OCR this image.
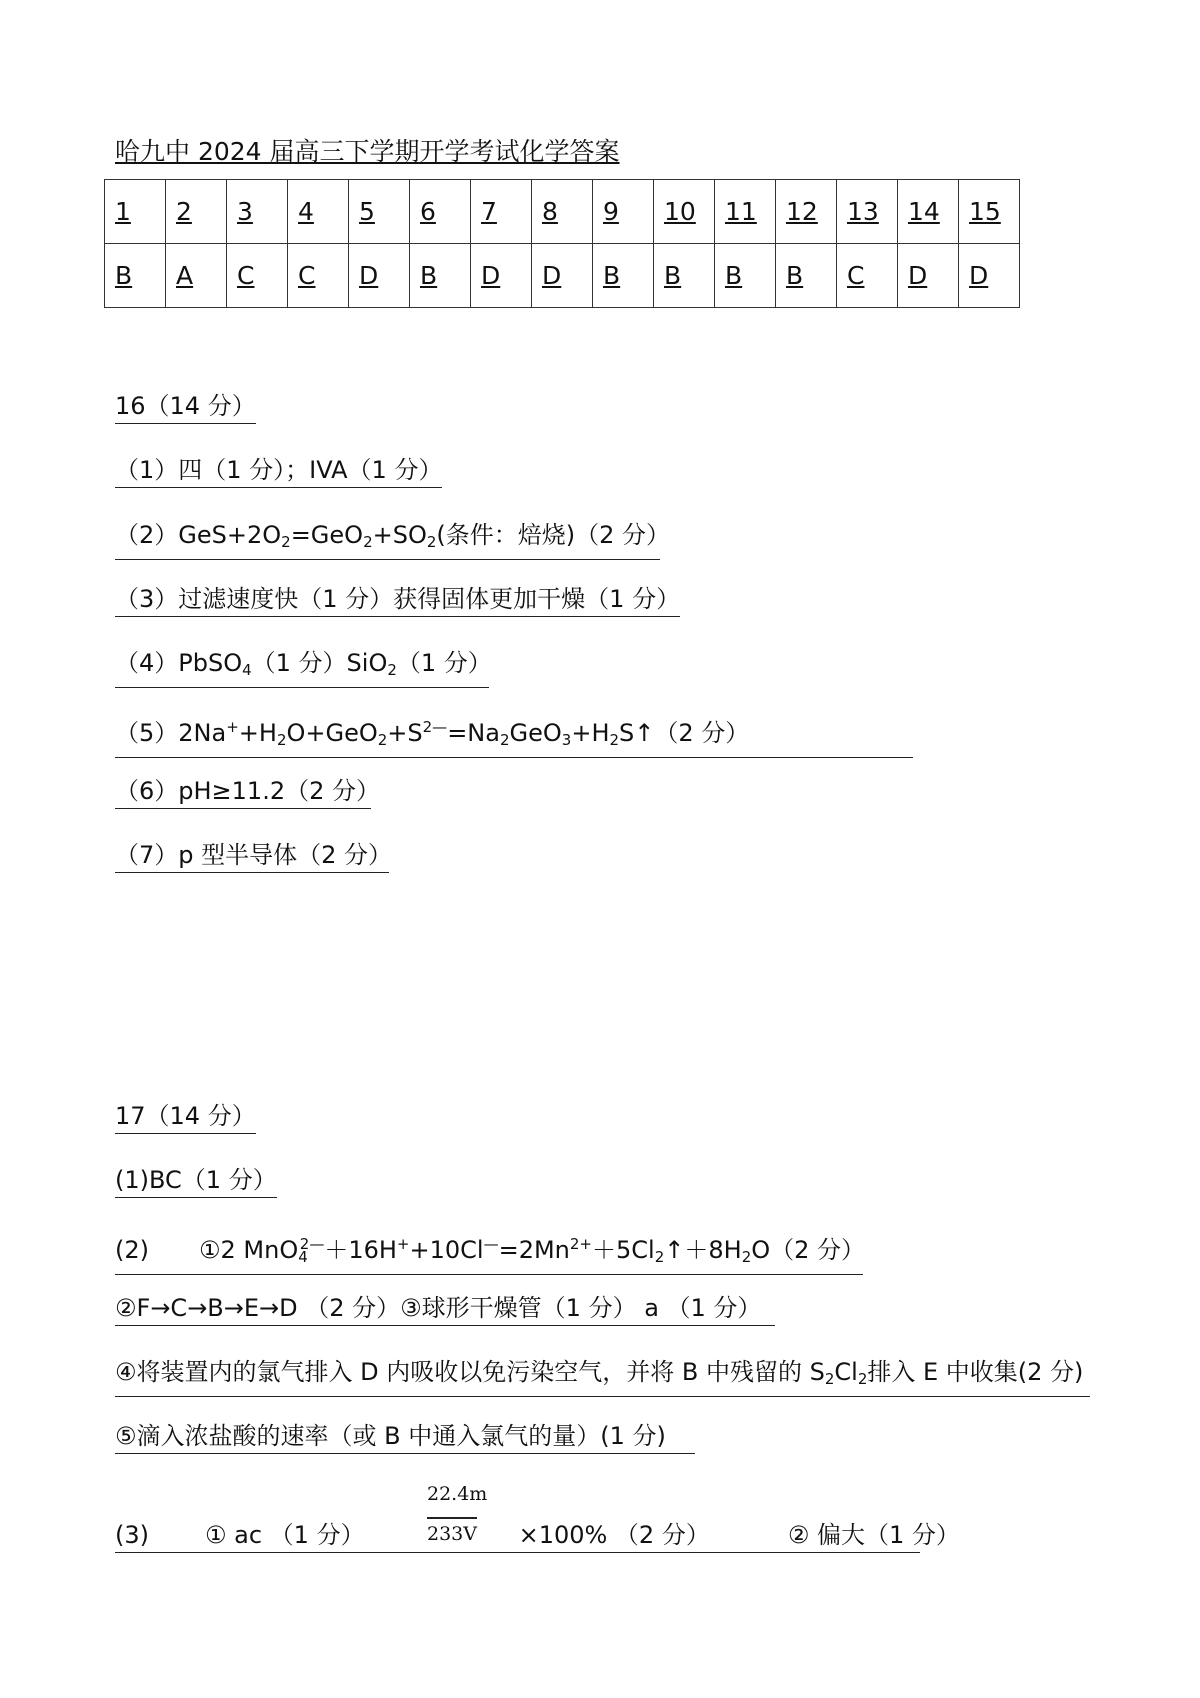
哈九中 2024 届高三下学期开学考试化学答案
1	2	3	4	5	6	7	8	9	10	11	12	13	14	15
B	A	C	C	D	B	D	D	B	B	B	B	C	D	D
16（14 分）
（1）四（1 分）；IVA（1 分）
$(2)GeS+2O_2=GeO_2+SO_2$(条件：焙烧)（2 分）
（3）过滤速度快（1 分）获得固体更加干燥（1 分）
（4）PbSO$_4$（1 分）SiO$_2$（1 分）
$(5)2Na^++H_2O+GeO_2+S^{2—}=Na_2GeO_3+H_2S↑(2$ 分）
（6）pH≥11.2（2 分）
（7）p 型半导体（2 分）
17（14 分）
(1)BC（1 分）
(2) ①2 $MnO_4^{2—}+16H^++10Cl^—=2Mn^{2+}+5Cl_2↑+8H_2O(2$ 分）
②F→C→B→E→D （2 分）③球形干燥管（1 分） a （1 分）
④将装置内的氯气排入 D 内吸收以免污染空气，并将 B 中残留的 $S_2Cl_2$排入 E 中收集(2 分)
⑤滴入浓盐酸的速率（或 B 中通入氯气的量）(1 分)
(3) ① ac （1 分）	×100% （2 分）	② 偏大（1 分）
22.4m
233V
